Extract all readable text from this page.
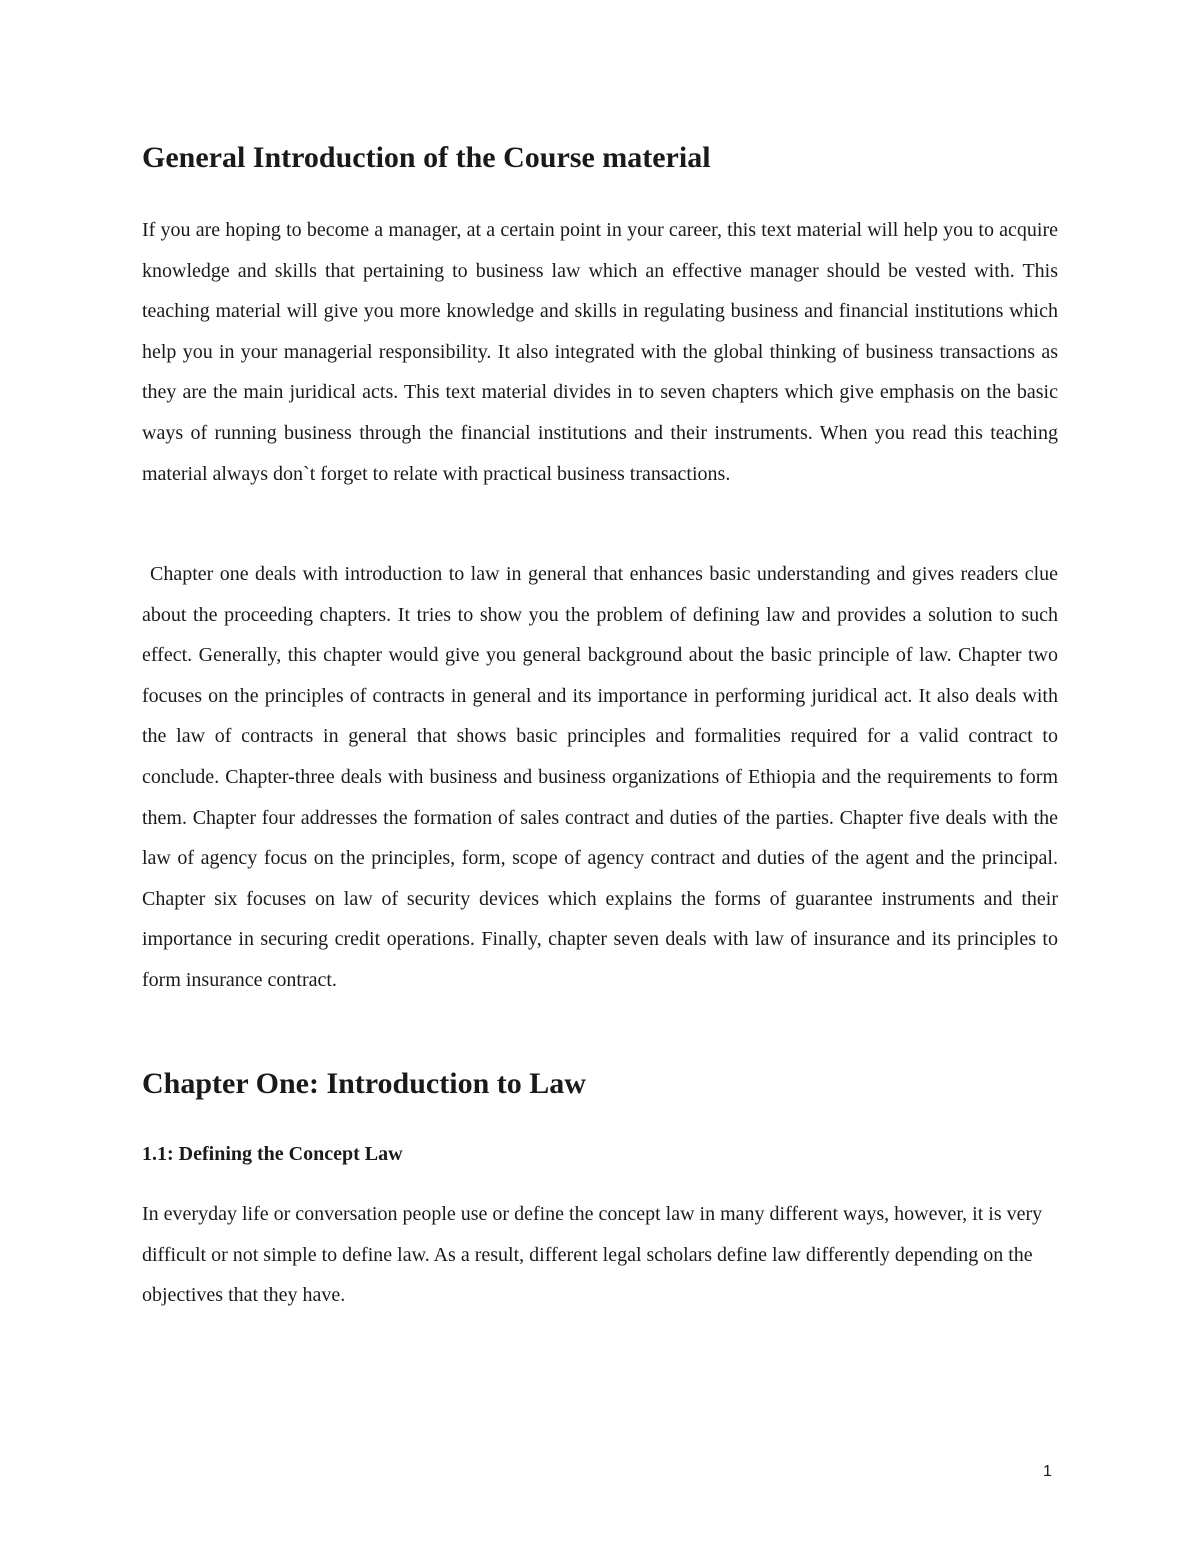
General Introduction of the Course material

If you are hoping to become a manager, at a certain point in your career, this text material will help you to acquire knowledge and skills that pertaining to business law which an effective manager should be vested with. This teaching material will give you more knowledge and skills in regulating business and financial institutions which help you in your managerial responsibility. It also integrated with the global thinking of business transactions as they are the main juridical acts. This text material divides in to seven chapters which give emphasis on the basic ways of running business through the financial institutions and their instruments. When you read this teaching material always don`t forget to relate with practical business transactions.

Chapter one deals with introduction to law in general that enhances basic understanding and gives readers clue about the proceeding chapters. It tries to show you the problem of defining law and provides a solution to such effect. Generally, this chapter would give you general background about the basic principle of law. Chapter two focuses on the principles of contracts in general and its importance in performing juridical act. It also deals with the law of contracts in general that shows basic principles and formalities required for a valid contract to conclude. Chapter-three deals with business and business organizations of Ethiopia and the requirements to form them. Chapter four addresses the formation of sales contract and duties of the parties. Chapter five deals with the law of agency focus on the principles, form, scope of agency contract and duties of the agent and the principal. Chapter six focuses on law of security devices which explains the forms of guarantee instruments and their importance in securing credit operations. Finally, chapter seven deals with law of insurance and its principles to form insurance contract.

Chapter One: Introduction to Law
1.1: Defining the Concept Law

In everyday life or conversation people use or define the concept law in many different ways, however, it is very difficult or not simple to define law. As a result, different legal scholars define law differently depending on the objectives that they have.

1
